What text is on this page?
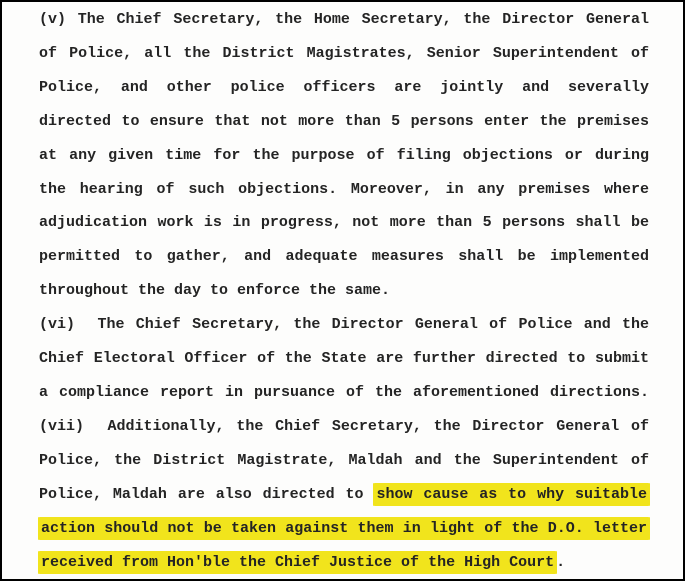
(v) The Chief Secretary, the Home Secretary, the Director General
of Police, all the District Magistrates, Senior Superintendent of
Police, and other police officers are jointly and severally
directed to ensure that not more than 5 persons enter the premises
at any given time for the purpose of filing objections or during
the hearing of such objections. Moreover, in any premises where
adjudication work is in progress, not more than 5 persons shall be
permitted to gather, and adequate measures shall be implemented
throughout the day to enforce the same.
(vi)  The Chief Secretary, the Director General of Police and the
Chief Electoral Officer of the State are further directed to submit
a compliance report in pursuance of the aforementioned directions.
(vii)  Additionally, the Chief Secretary, the Director General of
Police, the District Magistrate, Maldah and the Superintendent of
Police, Maldah are also directed to show cause as to why suitable
action should not be taken against them in light of the D.O. letter
received from Hon'ble the Chief Justice of the High Court .
